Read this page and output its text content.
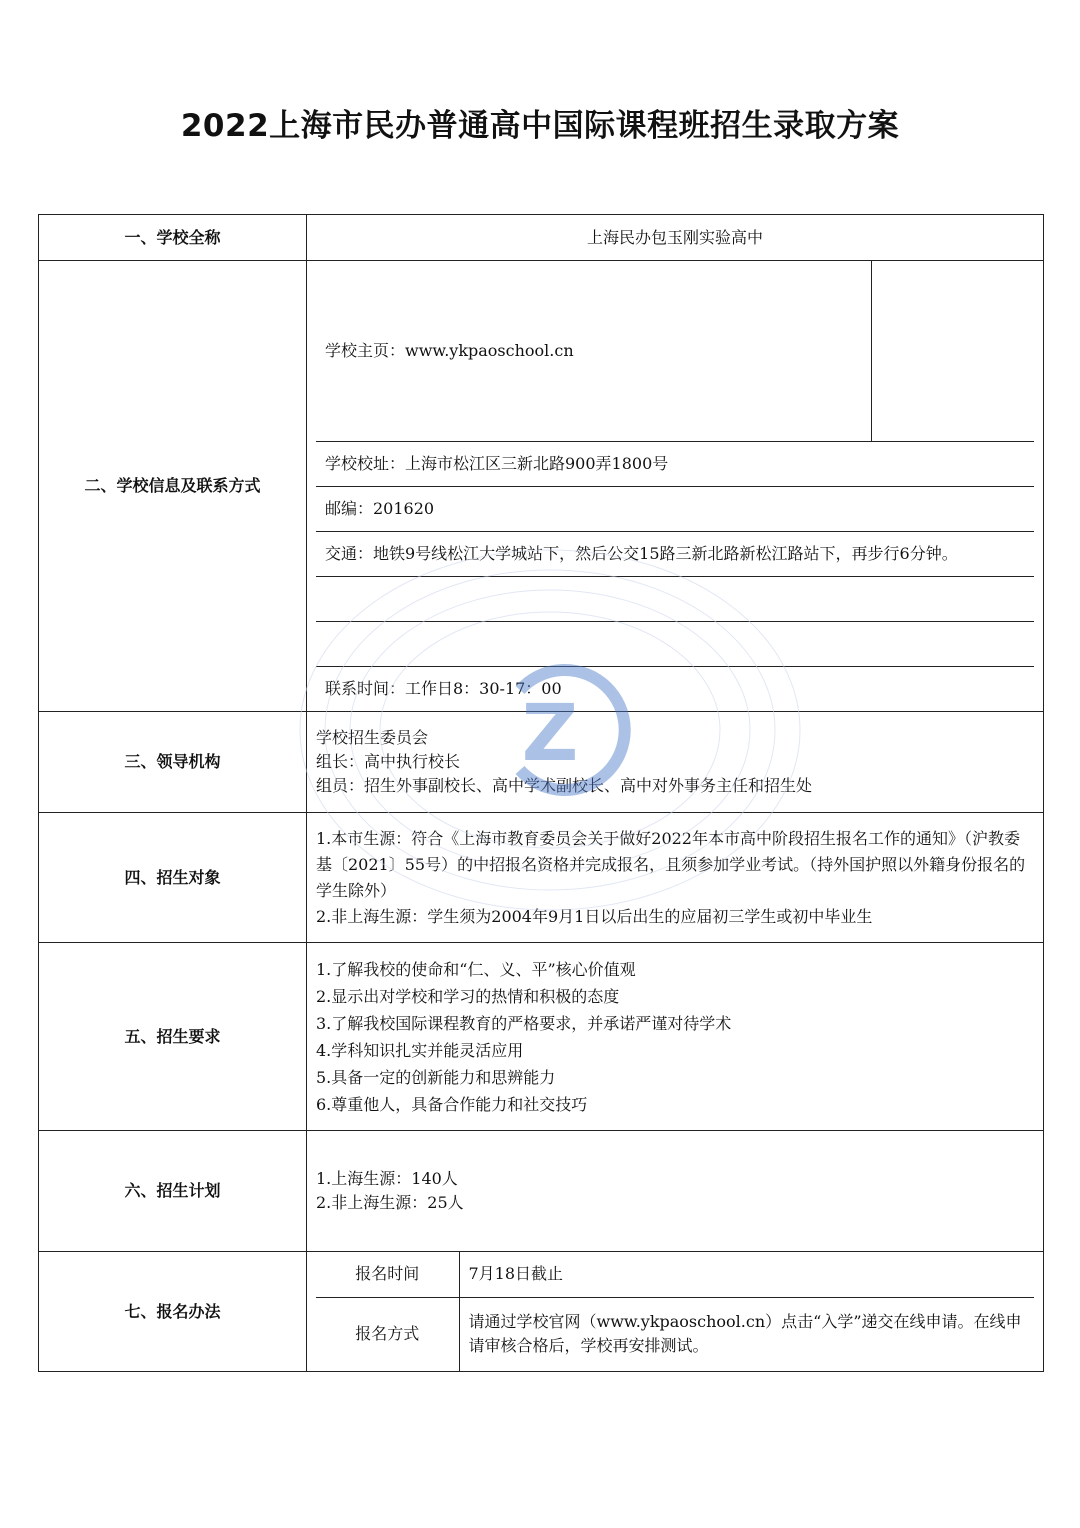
2022上海市民办普通高中国际课程班招生录取方案
一、学校全称	上海民办包玉刚实验高中
二、学校信息及联系方式	
学校主页：www.ykpaoschool.cn	
学校校址：上海市松江区三新北路900弄1800号
邮编：201620
交通：地铁9号线松江大学城站下，然后公交15路三新北路新松江路站下，再步行6分钟。

联系时间：工作日8：30-17：00

三、领导机构	
学校招生委员会
组长：高中执行校长
组员：招生外事副校长、高中学术副校长、高中对外事务主任和招生处

四、招生对象	
1.本市生源：符合《上海市教育委员会关于做好2022年本市高中阶段招生报名工作的通知》（沪教委基〔2021〕55号）的中招报名资格并完成报名，且须参加学业考试。（持外国护照以外籍身份报名的学生除外）
2.非上海生源：学生须为2004年9月1日以后出生的应届初三学生或初中毕业生

五、招生要求	
1.了解我校的使命和“仁、义、平”核心价值观
2.显示出对学校和学习的热情和积极的态度
3.了解我校国际课程教育的严格要求，并承诺严谨对待学术
4.学科知识扎实并能灵活应用
5.具备一定的创新能力和思辨能力
6.尊重他人，具备合作能力和社交技巧

六、招生计划	
1.上海生源：140人
2.非上海生源：25人

七、报名办法	
报名时间	7月18日截止
报名方式	请通过学校官网（www.ykpaoschool.cn）点击“入学”递交在线申请。在线申请审核合格后，学校再安排测试。
Z
